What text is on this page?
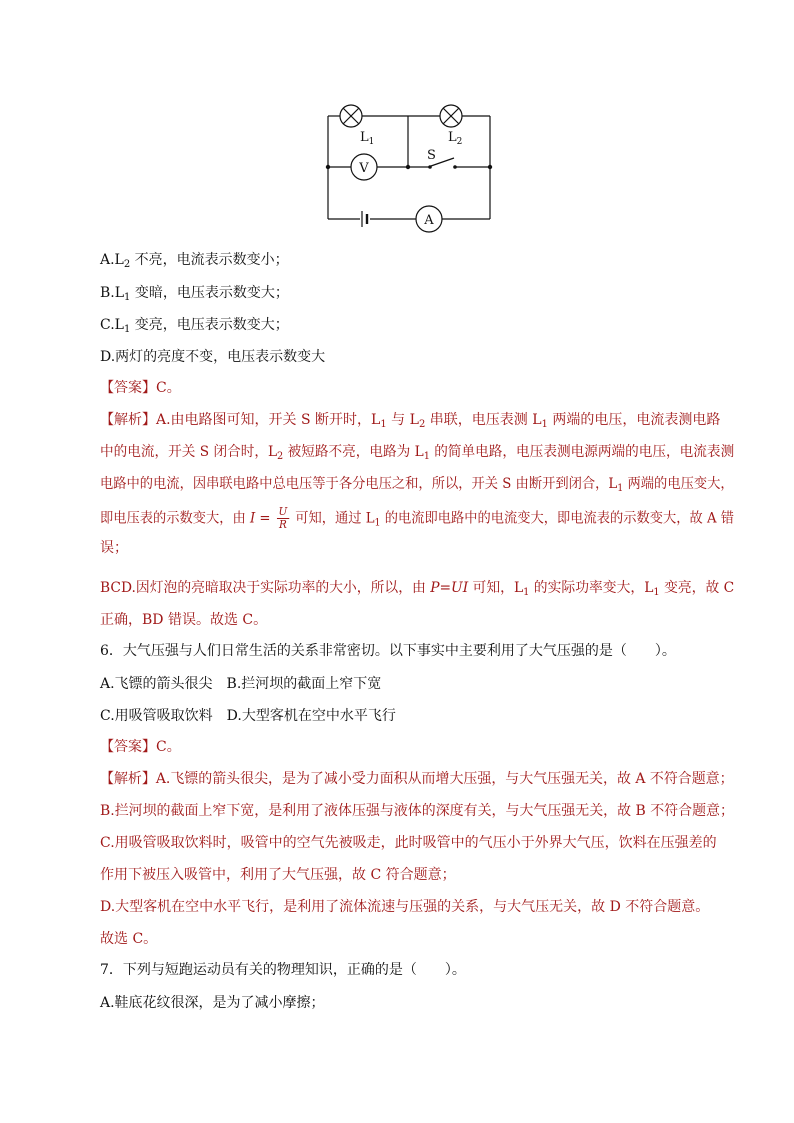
V
A
$L_1$	$L_2$
S
$A.L_2$ 不亮，电流表示数变小；
$B.L_1$ 变暗，电压表示数变大；
$C.L_1$ 变亮，电压表示数变大；
D.两灯的亮度不变，电压表示数变大
【答案】C。
【解析】A.由电路图可知，开关 S 断开时，$L_1$ 与 $L_2$ 串联，电压表测 $L_1$ 两端的电压，电流表测电路
中的电流，开关 S 闭合时，$L_2$ 被短路不亮，电路为 $L_1$ 的简单电路，电压表测电源两端的电压，电流表测
电路中的电流，因串联电路中总电压等于各分电压之和，所以，开关 S 由断开到闭合，$L_1$ 两端的电压变大，
即电压表的示数变大，由 $I = \frac{U}{R}$ 可知，通过 $L_1$ 的电流即电路中的电流变大，即电流表的示数变大，故 A 错
误；
BCD.因灯泡的亮暗取决于实际功率的大小，所以，由 P=UI 可知，$L_1$ 的实际功率变大，$L_1$ 变亮，故 C
正确，BD 错误。故选 C。
6．大气压强与人们日常生活的关系非常密切。以下事实中主要利用了大气压强的是（　　）。
A.飞镖的箭头很尖　B.拦河坝的截面上窄下宽
C.用吸管吸取饮料　D.大型客机在空中水平飞行
【答案】C。
【解析】A.飞镖的箭头很尖，是为了减小受力面积从而增大压强，与大气压强无关，故 A 不符合题意；
B.拦河坝的截面上窄下宽，是利用了液体压强与液体的深度有关，与大气压强无关，故 B 不符合题意；
C.用吸管吸取饮料时，吸管中的空气先被吸走，此时吸管中的气压小于外界大气压，饮料在压强差的
作用下被压入吸管中，利用了大气压强，故 C 符合题意；
D.大型客机在空中水平飞行，是利用了流体流速与压强的关系，与大气压无关，故 D 不符合题意。
故选 C。
7．下列与短跑运动员有关的物理知识，正确的是（　　）。
A.鞋底花纹很深，是为了减小摩擦；
